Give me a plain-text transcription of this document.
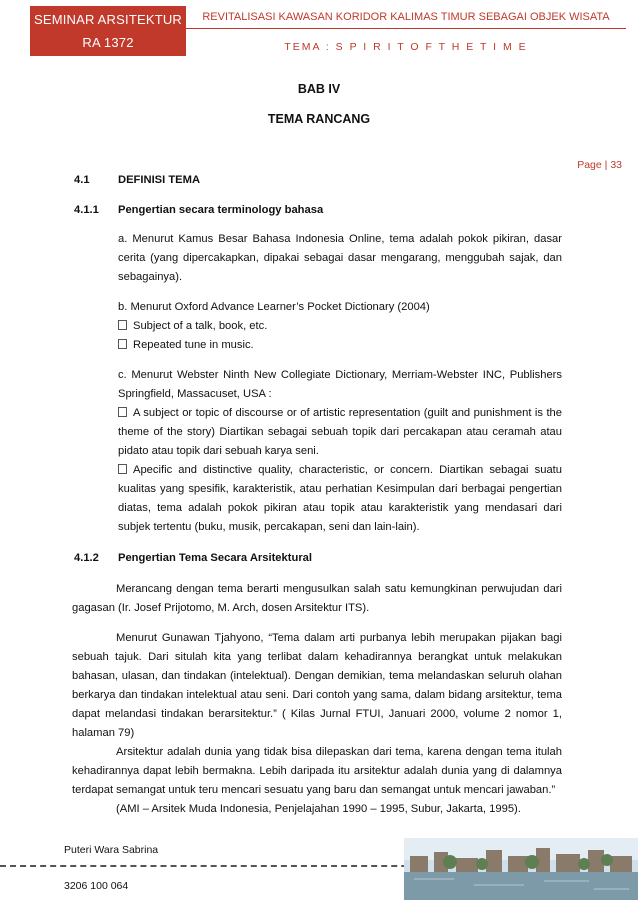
SEMINAR ARSITEKTUR
RA 1372
REVITALISASI KAWASAN KORIDOR KALIMAS TIMUR SEBAGAI OBJEK WISATA
TEMA : S P I R I T O F T H E T I M E
BAB IV
TEMA RANCANG
Page | 33
4.1	DEFINISI TEMA
4.1.1	Pengertian secara terminology bahasa

a. Menurut Kamus Besar Bahasa Indonesia Online, tema adalah pokok pikiran, dasar cerita (yang dipercakapkan, dipakai sebagai dasar mengarang, menggubah sajak, dan sebagainya).

b. Menurut Oxford Advance Learner’s Pocket Dictionary (2004)

Subject of a talk, book, etc.
Repeated tune in music.

c. Menurut Webster Ninth New Collegiate Dictionary, Merriam-Webster INC, Publishers Springfield, Massacuset, USA :

A subject or topic of discourse or of artistic representation (guilt and punishment is the theme of the story) Diartikan sebagai sebuah topik dari percakapan atau ceramah atau pidato atau topik dari sebuah karya seni.

Apecific and distinctive quality, characteristic, or concern. Diartikan sebagai suatu kualitas yang spesifik, karakteristik, atau perhatian Kesimpulan dari berbagai pengertian diatas, tema adalah pokok pikiran atau topik atau karakteristik yang mendasari dari subjek tertentu (buku, musik, percakapan, seni dan lain-lain).

4.1.2	Pengertian Tema Secara Arsitektural

Merancang dengan tema berarti mengusulkan salah satu kemungkinan perwujudan dari gagasan (Ir. Josef Prijotomo, M. Arch, dosen Arsitektur ITS).

Menurut Gunawan Tjahyono, “Tema dalam arti purbanya lebih merupakan pijakan bagi sebuah tajuk. Dari situlah kita yang terlibat dalam kehadirannya berangkat untuk melakukan bahasan, ulasan, dan tindakan (intelektual). Dengan demikian, tema melandaskan seluruh olahan berkarya dan tindakan intelektual atau seni. Dari contoh yang sama, dalam bidang arsitektur, tema dapat melandasi tindakan berarsitektur.” ( Kilas Jurnal FTUI, Januari 2000, volume 2 nomor 1, halaman 79)

Arsitektur adalah dunia yang tidak bisa dilepaskan dari tema, karena dengan tema itulah kehadirannya dapat lebih bermakna. Lebih daripada itu arsitektur adalah dunia yang di dalamnya terdapat semangat untuk teru mencari sesuatu yang baru dan semangat untuk mencari jawaban.”

(AMI – Arsitek Muda Indonesia, Penjelajahan 1990 – 1995, Subur, Jakarta, 1995).

Puteri Wara Sabrina
3206 100 064
